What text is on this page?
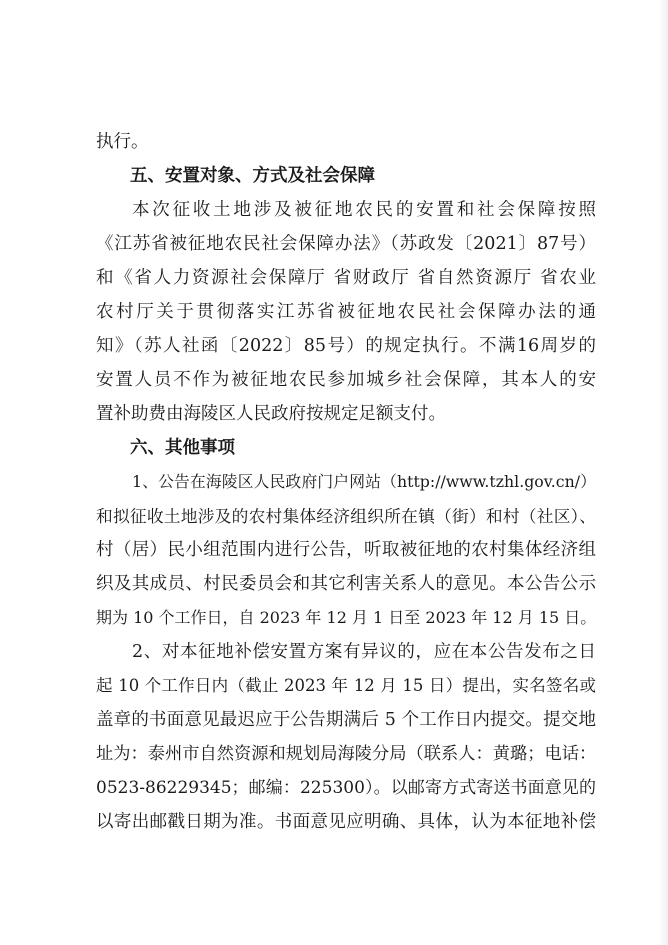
执行。
五、安置对象、方式及社会保障
本次征收土地涉及被征地农民的安置和社会保障按照
《江苏省被征地农民社会保障办法》（苏政发〔2021〕87号）
和《省人力资源社会保障厅 省财政厅 省自然资源厅 省农业
农村厅关于贯彻落实江苏省被征地农民社会保障办法的通
知》（苏人社函〔2022〕85号）的规定执行。不满16周岁的
安置人员不作为被征地农民参加城乡社会保障，其本人的安
置补助费由海陵区人民政府按规定足额支付。
六、其他事项
1、公告在海陵区人民政府门户网站（http://www.tzhl.gov.cn/）
和拟征收土地涉及的农村集体经济组织所在镇（街）和村（社区）、
村（居）民小组范围内进行公告，听取被征地的农村集体经济组
织及其成员、村民委员会和其它利害关系人的意见。本公告公示
期为 10 个工作日，自 2023 年 12 月 1 日至 2023 年 12 月 15 日。
2、对本征地补偿安置方案有异议的，应在本公告发布之日
起 10 个工作日内（截止 2023 年 12 月 15 日）提出，实名签名或
盖章的书面意见最迟应于公告期满后 5 个工作日内提交。提交地
址为：泰州市自然资源和规划局海陵分局（联系人：黄璐；电话：
0523-86229345；邮编：225300）。以邮寄方式寄送书面意见的
以寄出邮戳日期为准。书面意见应明确、具体，认为本征地补偿
